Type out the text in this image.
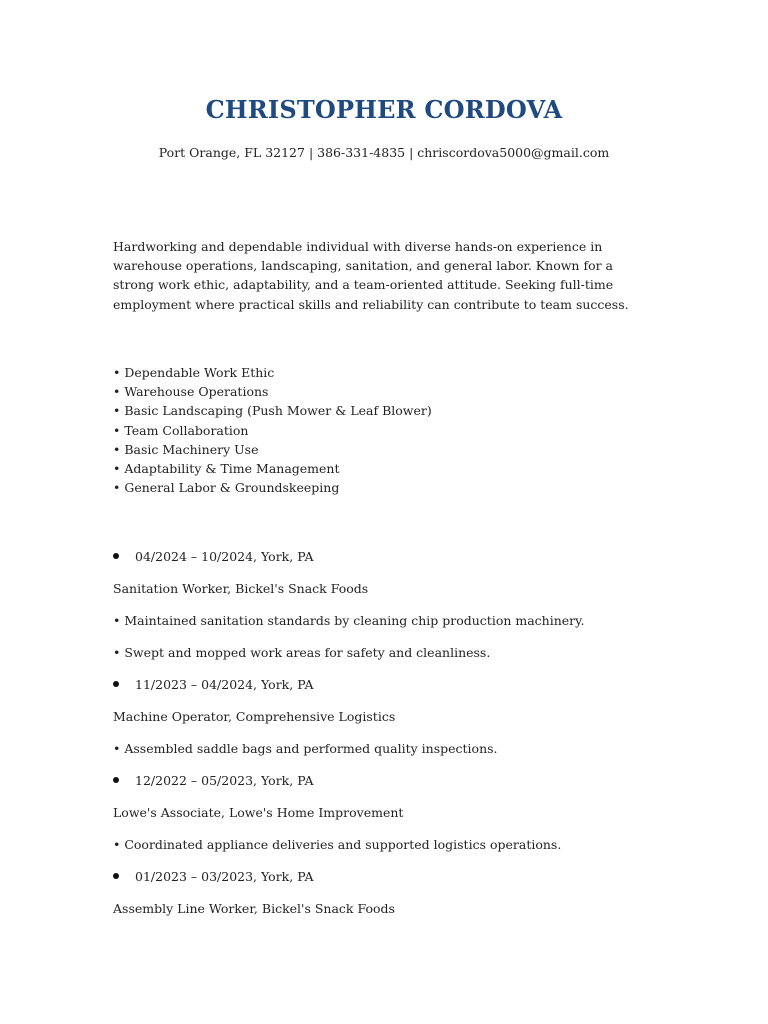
CHRISTOPHER CORDOVA
Port Orange, FL 32127 | 386-331-4835 | chriscordova5000@gmail.com

Hardworking and dependable individual with diverse hands-on experience in warehouse operations, landscaping, sanitation, and general labor. Known for a strong work ethic, adaptability, and a team-oriented attitude. Seeking full-time employment where practical skills and reliability can contribute to team success.

• Dependable Work Ethic
• Warehouse Operations
• Basic Landscaping (Push Mower & Leaf Blower)
• Team Collaboration
• Basic Machinery Use
• Adaptability & Time Management
• General Labor & Groundskeeping
04/2024 – 10/2024, York, PA
Sanitation Worker, Bickel's Snack Foods
• Maintained sanitation standards by cleaning chip production machinery.
• Swept and mopped work areas for safety and cleanliness.
11/2023 – 04/2024, York, PA
Machine Operator, Comprehensive Logistics
• Assembled saddle bags and performed quality inspections.
12/2022 – 05/2023, York, PA
Lowe's Associate, Lowe's Home Improvement
• Coordinated appliance deliveries and supported logistics operations.
01/2023 – 03/2023, York, PA
Assembly Line Worker, Bickel's Snack Foods
